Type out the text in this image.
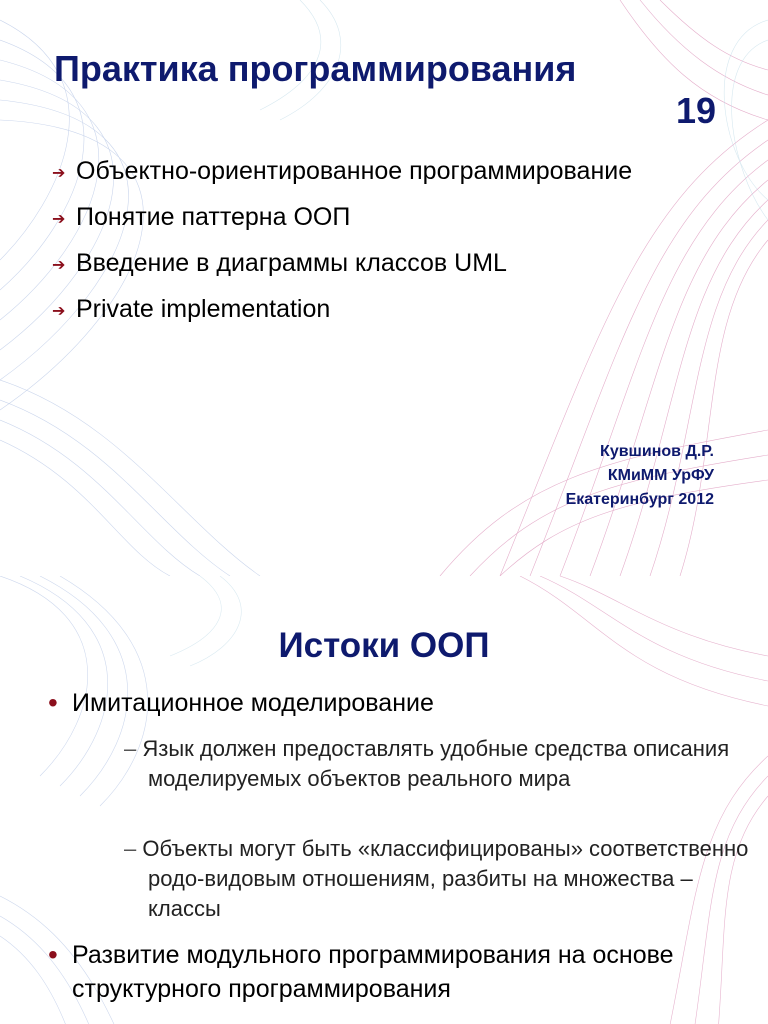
Практика программирования
19
➔ Объектно-ориентированное программирование
➔ Понятие паттерна ООП
➔ Введение в диаграммы классов UML
➔ Private implementation
Кувшинов Д.Р.
КМиММ УрФУ
Екатеринбург 2012
Истоки ООП
• Имитационное моделирование
– Язык должен предоставлять удобные средства описания моделируемых объектов реального мира
– Объекты могут быть «классифицированы» соответственно родо-видовым отношениям, разбиты на множества – классы
• Развитие модульного программирования на основе структурного программирования
